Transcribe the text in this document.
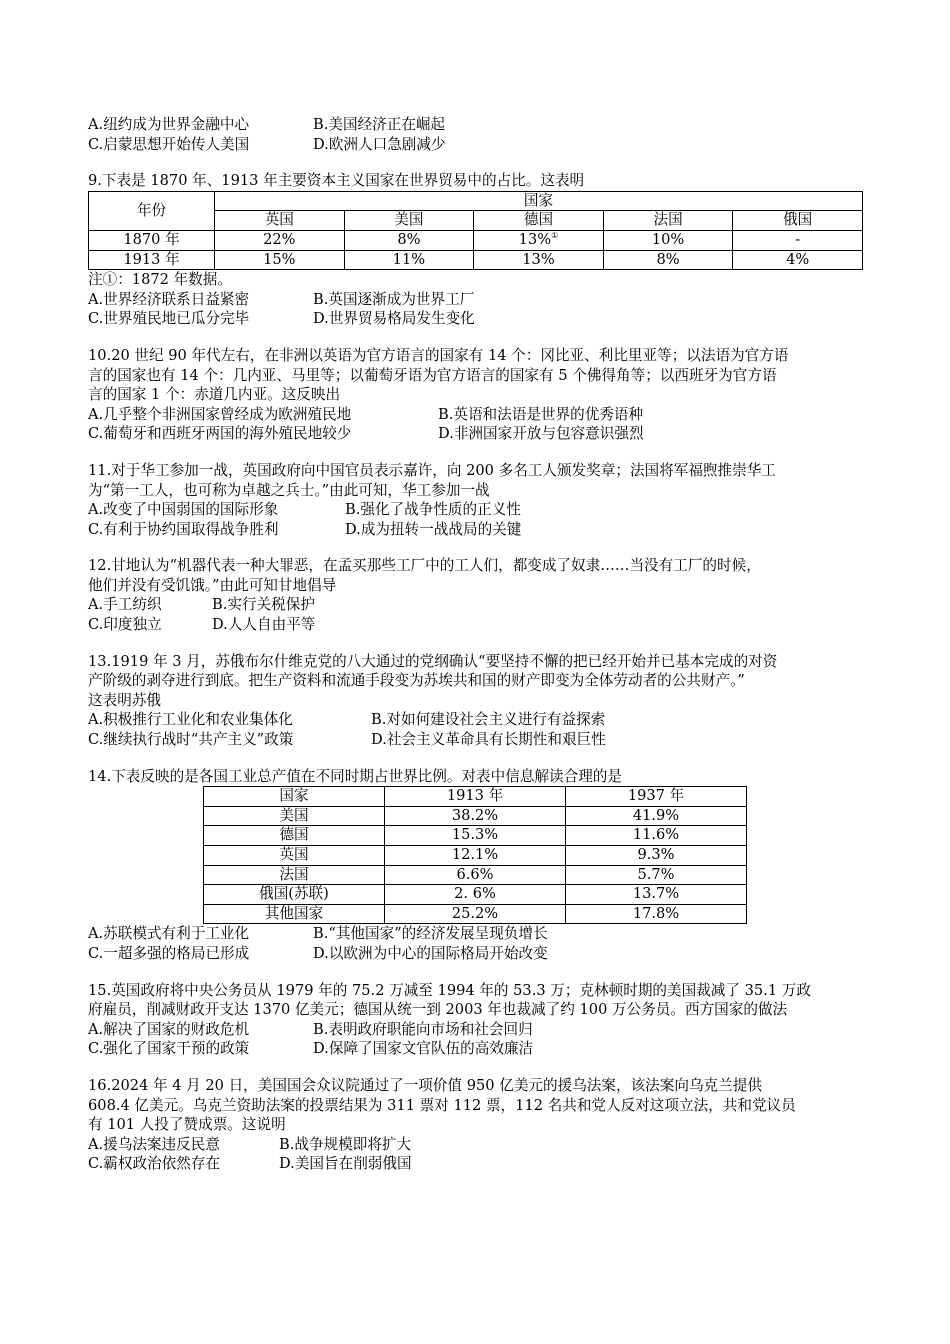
A.纽约成为世界金融中心	B.美国经济正在崛起
C.启蒙思想开始传人美国	D.欧洲人口急剧减少
9.下表是 1870 年、1913 年主要资本主义国家在世界贸易中的占比。这表明
年份	国家				
	英国	美国	德国	法国	俄国
1870 年	22%	8%	13%①	10%	-
1913 年	15%	11%	13%	8%	4%
注①：1872 年数据。
A.世界经济联系日益紧密	B.英国逐渐成为世界工厂
C.世界殖民地已瓜分完毕	D.世界贸易格局发生变化
10.20 世纪 90 年代左右，在非洲以英语为官方语言的国家有 14 个：冈比亚、利比里亚等；以法语为官方语
言的国家也有 14 个：几内亚、马里等；以葡萄牙语为官方语言的国家有 5 个佛得角等；以西班牙为官方语
言的国家 1 个：赤道几内亚。这反映出
A.几乎整个非洲国家曾经成为欧洲殖民地	B.英语和法语是世界的优秀语种
C.葡萄牙和西班牙两国的海外殖民地较少	D.非洲国家开放与包容意识强烈
11.对于华工参加一战，英国政府向中国官员表示嘉许，向 200 多名工人颁发奖章；法国将军福煦推崇华工
为“第一工人，也可称为卓越之兵士。”由此可知，华工参加一战
A.改变了中国弱国的国际形象	B.强化了战争性质的正义性
C.有利于协约国取得战争胜利	D.成为扭转一战战局的关键
12.甘地认为“机器代表一种大罪恶，在孟买那些工厂中的工人们，都变成了奴隶……当没有工厂的时候，
他们并没有受饥饿。”由此可知甘地倡导
A.手工纺织	B.实行关税保护
C.印度独立	D.人人自由平等
13.1919 年 3 月，苏俄布尔什维克党的八大通过的党纲确认“要坚持不懈的把已经开始并已基本完成的对资
产阶级的剥夺进行到底。把生产资料和流通手段变为苏埃共和国的财产即变为全体劳动者的公共财产。”
这表明苏俄
A.积极推行工业化和农业集体化	B.对如何建设社会主义进行有益探索
C.继续执行战时“共产主义”政策	D.社会主义革命具有长期性和艰巨性
14.下表反映的是各国工业总产值在不同时期占世界比例。对表中信息解读合理的是
国家	1913 年	1937 年
美国	38.2%	41.9%
德国	15.3%	11.6%
英国	12.1%	9.3%
法国	6.6%	5.7%
俄国(苏联)	2. 6%	13.7%
其他国家	25.2%	17.8%
A.苏联模式有利于工业化	B.“其他国家”的经济发展呈现负增长
C.一超多强的格局已形成	D.以欧洲为中心的国际格局开始改变
15.英国政府将中央公务员从 1979 年的 75.2 万减至 1994 年的 53.3 万；克林顿时期的美国裁减了 35.1 万政
府雇员，削减财政开支达 1370 亿美元；德国从统一到 2003 年也裁减了约 100 万公务员。西方国家的做法
A.解决了国家的财政危机	B.表明政府职能向市场和社会回归
C.强化了国家干预的政策	D.保障了国家文官队伍的高效廉洁
16.2024 年 4 月 20 日，美国国会众议院通过了一项价值 950 亿美元的援乌法案，该法案向乌克兰提供
608.4 亿美元。乌克兰资助法案的投票结果为 311 票对 112 票，112 名共和党人反对这项立法，共和党议员
有 101 人投了赞成票。这说明
A.援乌法案违反民意	B.战争规模即将扩大
C.霸权政治依然存在	D.美国旨在削弱俄国
